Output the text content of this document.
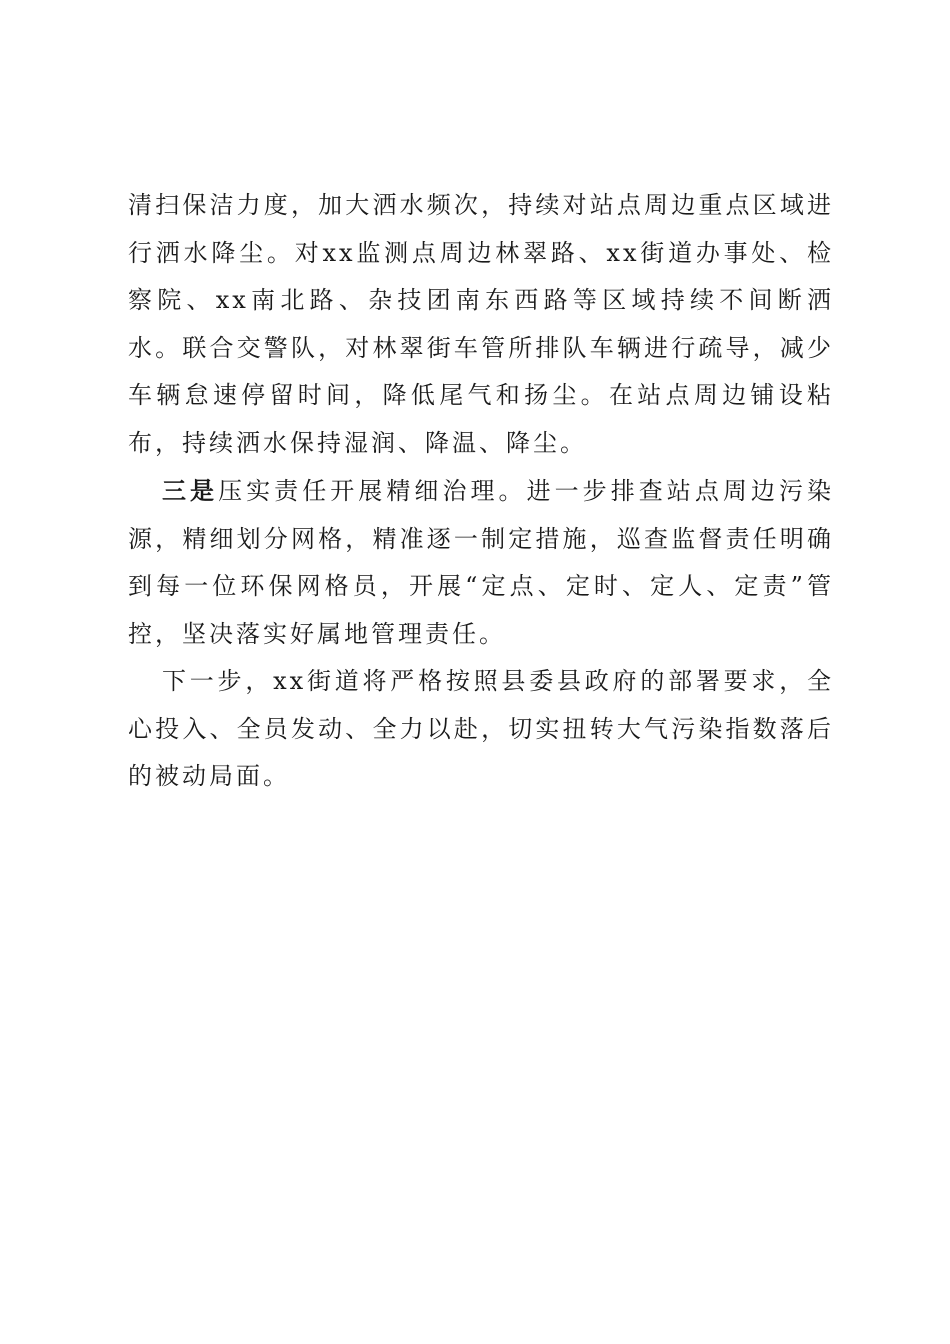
清扫保洁力度，加大洒水频次，持续对站点周边重点区域进行洒水降尘。对xx监测点周边林翠路、xx街道办事处、检察院、xx南北路、杂技团南东西路等区域持续不间断洒水。联合交警队，对林翠街车管所排队车辆进行疏导，减少车辆怠速停留时间，降低尾气和扬尘。在站点周边铺设粘布，持续洒水保持湿润、降温、降尘。

三是压实责任开展精细治理。进一步排查站点周边污染源，精细划分网格，精准逐一制定措施，巡查监督责任明确到每一位环保网格员，开展“定点、定时、定人、定责”管控，坚决落实好属地管理责任。

下一步，xx街道将严格按照县委县政府的部署要求，全心投入、全员发动、全力以赴，切实扭转大气污染指数落后的被动局面。
